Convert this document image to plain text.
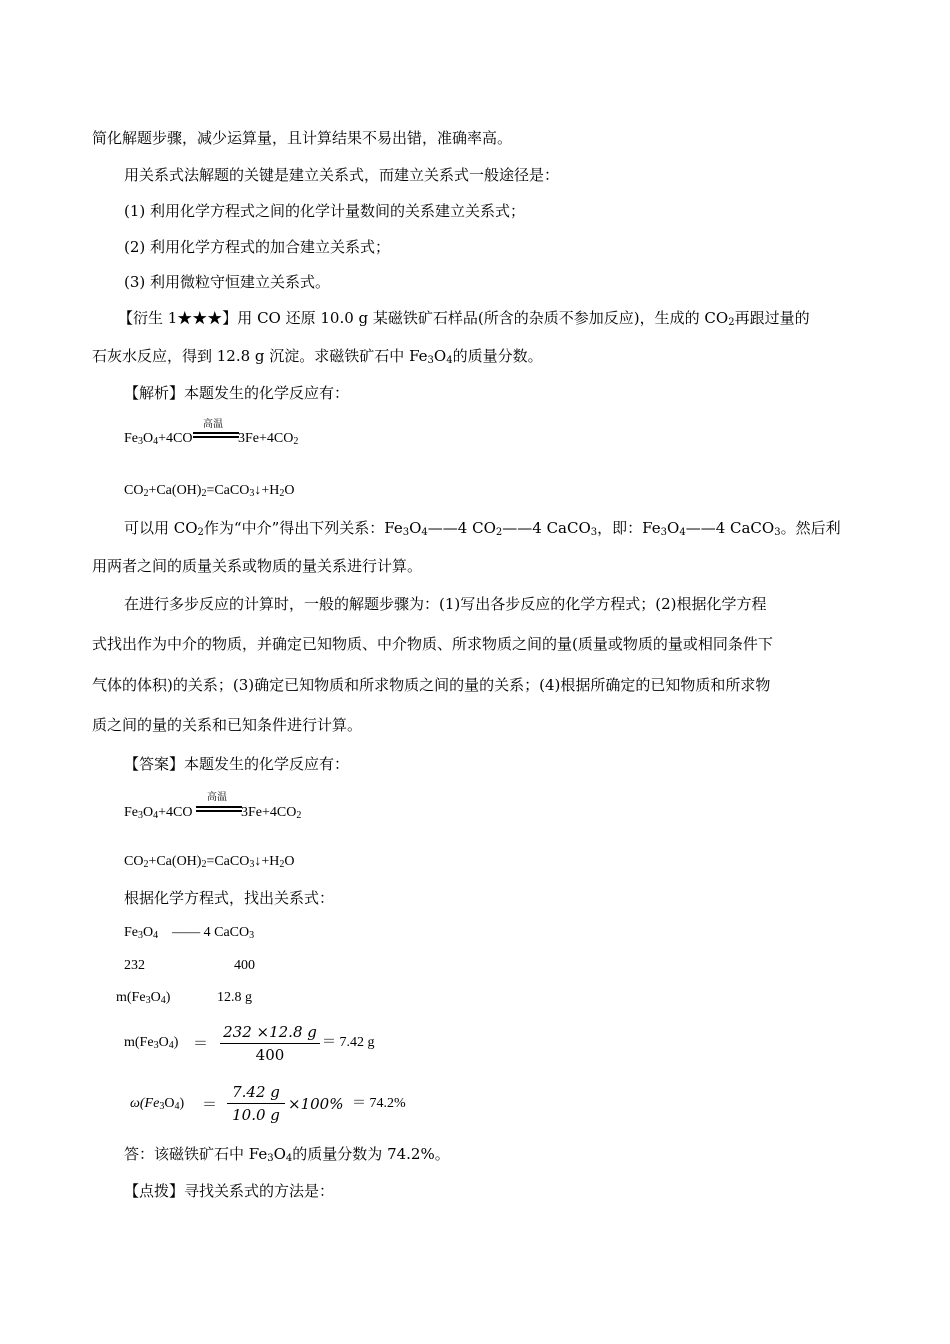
简化解题步骤，减少运算量，且计算结果不易出错，准确率高。
用关系式法解题的关键是建立关系式，而建立关系式一般途径是：
(1) 利用化学方程式之间的化学计量数间的关系建立关系式；
(2) 利用化学方程式的加合建立关系式；
(3) 利用微粒守恒建立关系式。
【衍生 1★★★】用 CO 还原 10.0 g 某磁铁矿石样品(所含的杂质不参加反应)，生成的 $CO_2$再跟过量的
石灰水反应，得到 12.8 g 沉淀。求磁铁矿石中 $Fe_3O_4$的质量分数。
【解析】本题发生的化学反应有：
$Fe_3O_4+4CO$
高温
$3Fe+4CO_2$
$CO_2+Ca(OH)_2=CaCO_3↓+H_2O$
可以用 $CO_2$作为“中介”得出下列关系：$Fe_3O_4——4$ $CO_2——4$ CaCO$_3$，即：$Fe_3O_4——4$ CaCO$_3$。然后利
用两者之间的质量关系或物质的量关系进行计算。
在进行多步反应的计算时，一般的解题步骤为：(1)写出各步反应的化学方程式；(2)根据化学方程
式找出作为中介的物质，并确定已知物质、中介物质、所求物质之间的量(质量或物质的量或相同条件下
气体的体积)的关系；(3)确定已知物质和所求物质之间的量的关系；(4)根据所确定的已知物质和所求物
质之间的量的关系和已知条件进行计算。
【答案】本题发生的化学反应有：
$Fe_3O_4+4CO$
高温
$3Fe+4CO_2$
$CO_2+Ca(OH)_2=CaCO_3↓+H_2O$
根据化学方程式，找出关系式：
$Fe_3O_4$ —— 4 CaCO$_3$
232	400
$m(Fe_3O_4)$	12.8 g
$m(Fe_3O_4)$ ＝
232 ×12.8 g
400
＝ 7.42 g
$\omega(Fe_3O_4)$ ＝
7.42 g
10.0 g
×100% ＝ 74.2%
答：该磁铁矿石中 $Fe_3O_4$的质量分数为 74.2%。
【点拨】寻找关系式的方法是：
